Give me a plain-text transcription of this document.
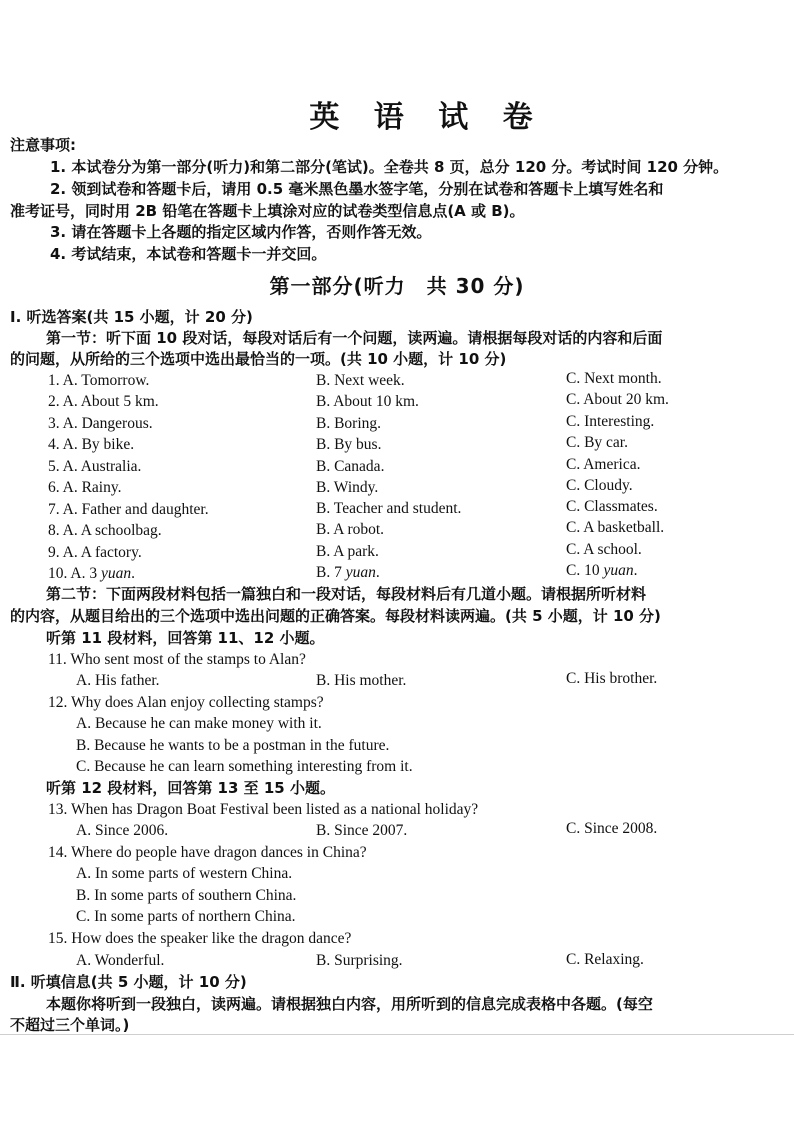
英 语 试 卷
注意事项:
1. 本试卷分为第一部分(听力)和第二部分(笔试)。全卷共 8 页，总分 120 分。考试时间 120 分钟。
2. 领到试卷和答题卡后，请用 0.5 毫米黑色墨水签字笔，分别在试卷和答题卡上填写姓名和
准考证号，同时用 2B 铅笔在答题卡上填涂对应的试卷类型信息点(A 或 B)。
3. 请在答题卡上各题的指定区域内作答，否则作答无效。
4. 考试结束，本试卷和答题卡一并交回。
第一部分(听力　共 30 分)
Ⅰ. 听选答案(共 15 小题，计 20 分)
第一节：听下面 10 段对话，每段对话后有一个问题，读两遍。请根据每段对话的内容和后面
的问题，从所给的三个选项中选出最恰当的一项。(共 10 小题，计 10 分)
1. A. Tomorrow.	B. Next week.	C. Next month.
2. A. About 5 km.	B. About 10 km.	C. About 20 km.
3. A. Dangerous.	B. Boring.	C. Interesting.
4. A. By bike.	B. By bus.	C. By car.
5. A. Australia.	B. Canada.	C. America.
6. A. Rainy.	B. Windy.	C. Cloudy.
7. A. Father and daughter.	B. Teacher and student.	C. Classmates.
8. A. A schoolbag.	B. A robot.	C. A basketball.
9. A. A factory.	B. A park.	C. A school.
10. A. 3 yuan.	B. 7 yuan.	C. 10 yuan.
第二节：下面两段材料包括一篇独白和一段对话，每段材料后有几道小题。请根据所听材料
的内容，从题目给出的三个选项中选出问题的正确答案。每段材料读两遍。(共 5 小题，计 10 分)
听第 11 段材料，回答第 11、12 小题。
11. Who sent most of the stamps to Alan?
A. His father.	B. His mother.	C. His brother.
12. Why does Alan enjoy collecting stamps?
A. Because he can make money with it.
B. Because he wants to be a postman in the future.
C. Because he can learn something interesting from it.
听第 12 段材料，回答第 13 至 15 小题。
13. When has Dragon Boat Festival been listed as a national holiday?
A. Since 2006.	B. Since 2007.	C. Since 2008.
14. Where do people have dragon dances in China?
A. In some parts of western China.
B. In some parts of southern China.
C. In some parts of northern China.
15. How does the speaker like the dragon dance?
A. Wonderful.	B. Surprising.	C. Relaxing.
Ⅱ. 听填信息(共 5 小题，计 10 分)
本题你将听到一段独白，读两遍。请根据独白内容，用所听到的信息完成表格中各题。(每空
不超过三个单词。)
